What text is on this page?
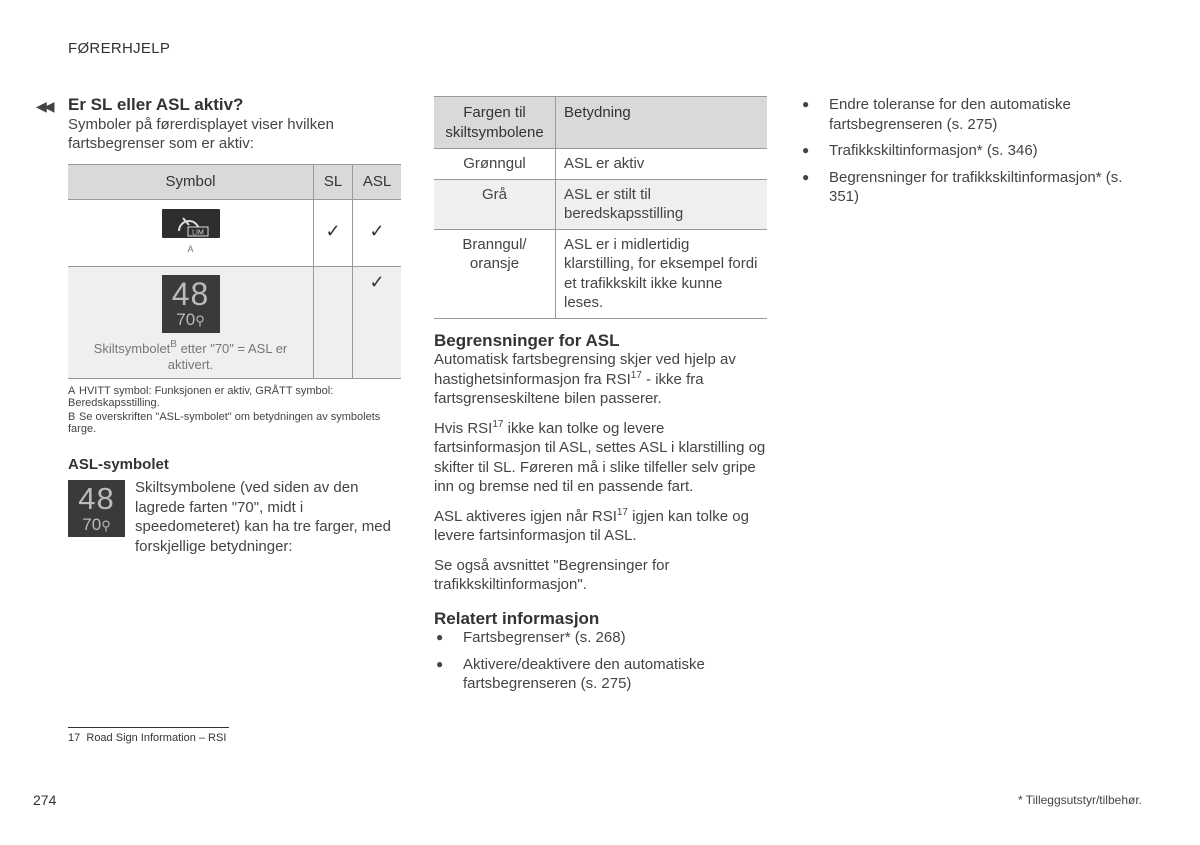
FØRERHJELP
◀◀ Er SL eller ASL aktiv?

Symboler på førerdisplayet viser hvilken fartsbegrenser som er aktiv:

Symbol	SL	ASL

LIM
A	✓	✓

48
70⚲
Skiltsymbolet$^B$ etter "70" = ASL er aktivert.		✓
A HVITT symbol: Funksjonen er aktiv, GRÅTT symbol: Beredskapsstilling.
B Se overskriften "ASL-symbolet" om betydningen av symbolets farge.
ASL-symbolet
48
70⚲

Skiltsymbolene (ved siden av den lagrede farten "70", midt i speedometeret) kan ha tre farger, med forskjellige betydninger:

Fargen til skiltsymbolene	Betydning
Grønngul	ASL er aktiv
Grå	ASL er stilt til beredskapsstilling
Branngul/ oransje	ASL er i midlertidig klarstilling, for eksempel fordi et trafikkskilt ikke kunne leses.
Begrensninger for ASL

Automatisk fartsbegrensing skjer ved hjelp av hastighetsinformasjon fra RSI$^{17}$ - ikke fra fartsgrenseskiltene bilen passerer.

Hvis RSI$^{17}$ ikke kan tolke og levere fartsinformasjon til ASL, settes ASL i klarstilling og skifter til SL. Føreren må i slike tilfeller selv gripe inn og bremse ned til en passende fart.

ASL aktiveres igjen når RSI$^{17}$ igjen kan tolke og levere fartsinformasjon til ASL.

Se også avsnittet "Begrensinger for trafikkskiltinformasjon".

Relatert informasjon
● Fartsbegrenser* (s. 268)
● Aktivere/deaktivere den automatiske fartsbegrenseren (s. 275)
● Endre toleranse for den automatiske fartsbegrenseren (s. 275)
● Trafikkskiltinformasjon* (s. 346)
● Begrensninger for trafikkskiltinformasjon* (s. 351)
17 Road Sign Information – RSI
274	* Tilleggsutstyr/tilbehør.
